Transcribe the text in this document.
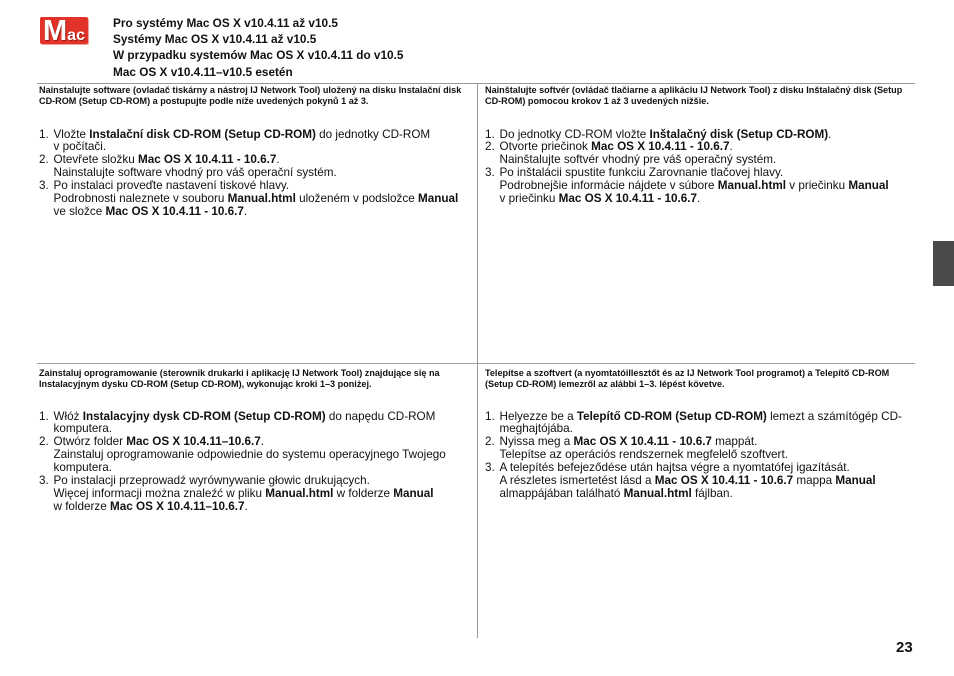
M ac
Pro systémy Mac OS X v10.4.11 až v10.5
Systémy Mac OS X v10.4.11 až v10.5
W przypadku systemów Mac OS X v10.4.11 do v10.5
Mac OS X v10.4.11–v10.5 esetén
Nainstalujte software (ovladač tiskárny a nástroj IJ Network Tool) uložený na disku Instalační disk
CD-ROM (Setup CD-ROM) a postupujte podle níže uvedených pokynů 1 až 3.
1. Vložte Instalační disk CD-ROM (Setup CD-ROM) do jednotky CD-ROM
v počítači.
2. Otevřete složku Mac OS X 10.4.11 - 10.6.7.
Nainstalujte software vhodný pro váš operační systém.
3. Po instalaci proveďte nastavení tiskové hlavy.
Podrobnosti naleznete v souboru Manual.html uloženém v podsložce Manual
ve složce Mac OS X 10.4.11 - 10.6.7.
Nainštalujte softvér (ovládač tlačiarne a aplikáciu IJ Network Tool) z disku Inštalačný disk (Setup
CD-ROM) pomocou krokov 1 až 3 uvedených nižšie.
1. Do jednotky CD-ROM vložte Inštalačný disk (Setup CD-ROM).
2. Otvorte priečinok Mac OS X 10.4.11 - 10.6.7.
Nainštalujte softvér vhodný pre váš operačný systém.
3. Po inštalácii spustite funkciu Zarovnanie tlačovej hlavy.
Podrobnejšie informácie nájdete v súbore Manual.html v priečinku Manual
v priečinku Mac OS X 10.4.11 - 10.6.7.
Zainstaluj oprogramowanie (sterownik drukarki i aplikację IJ Network Tool) znajdujące się na
Instalacyjnym dysku CD-ROM (Setup CD-ROM), wykonując kroki 1–3 poniżej.
1. Włóż Instalacyjny dysk CD-ROM (Setup CD-ROM) do napędu CD-ROM
komputera.
2. Otwórz folder Mac OS X 10.4.11–10.6.7.
Zainstaluj oprogramowanie odpowiednie do systemu operacyjnego Twojego
komputera.
3. Po instalacji przeprowadź wyrównywanie głowic drukujących.
Więcej informacji można znaleźć w pliku Manual.html w folderze Manual
w folderze Mac OS X 10.4.11–10.6.7.
Telepítse a szoftvert (a nyomtatóillesztőt és az IJ Network Tool programot) a Telepítő CD-ROM
(Setup CD-ROM) lemezről az alábbi 1–3. lépést követve.
1. Helyezze be a Telepítő CD-ROM (Setup CD-ROM) lemezt a számítógép CD-
meghajtójába.
2. Nyissa meg a Mac OS X 10.4.11 - 10.6.7 mappát.
Telepítse az operációs rendszernek megfelelő szoftvert.
3. A telepítés befejeződése után hajtsa végre a nyomtatófej igazítását.
A részletes ismertetést lásd a Mac OS X 10.4.11 - 10.6.7 mappa Manual
almappájában található Manual.html fájlban.
23
